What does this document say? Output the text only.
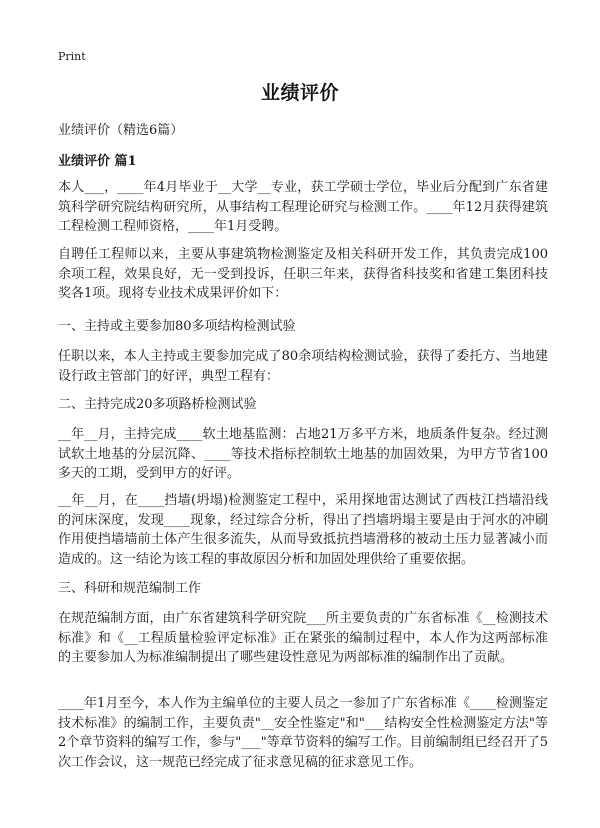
Print
业绩评价
业绩评价（精选6篇）
业绩评价 篇1
本人___，____年4月毕业于__大学__专业，获工学硕士学位，毕业后分配到广东省建筑科学研究院结构研究所，从事结构工程理论研究与检测工作。____年12月获得建筑工程检测工程师资格，____年1月受聘。
自聘任工程师以来，主要从事建筑物检测鉴定及相关科研开发工作，其负责完成100余项工程，效果良好，无一受到投诉，任职三年来，获得省科技奖和省建工集团科技奖各1项。现将专业技术成果评价如下：
一、主持或主要参加80多项结构检测试验
任职以来，本人主持或主要参加完成了80余项结构检测试验，获得了委托方、当地建设行政主管部门的好评，典型工程有：
二、主持完成20多项路桥检测试验
__年__月，主持完成____软土地基监测：占地21万多平方米，地质条件复杂。经过测试软土地基的分层沉降、____等技术指标控制软土地基的加固效果，为甲方节省100多天的工期，受到甲方的好评。
__年__月，在____挡墙(坍塌)检测鉴定工程中，采用探地雷达测试了西枝江挡墙沿线的河床深度，发现____现象，经过综合分析，得出了挡墙坍塌主要是由于河水的冲刷作用使挡墙墙前土体产生很多流失，从而导致抵抗挡墙滑移的被动土压力显著减小而造成的。这一结论为该工程的事故原因分析和加固处理供给了重要依据。
三、科研和规范编制工作
在规范编制方面，由广东省建筑科学研究院___所主要负责的广东省标准《__检测技术标准》和《__工程质量检验评定标准》正在紧张的编制过程中，本人作为这两部标准的主要参加人为标准编制提出了哪些建设性意见为两部标准的编制作出了贡献。
____年1月至今，本人作为主编单位的主要人员之一参加了广东省标准《____检测鉴定技术标准》的编制工作，主要负责"__安全性鉴定"和"___结构安全性检测鉴定方法"等2个章节资料的编写工作，参与"___"等章节资料的编写工作。目前编制组已经召开了5次工作会议，这一规范已经完成了征求意见稿的征求意见工作。
